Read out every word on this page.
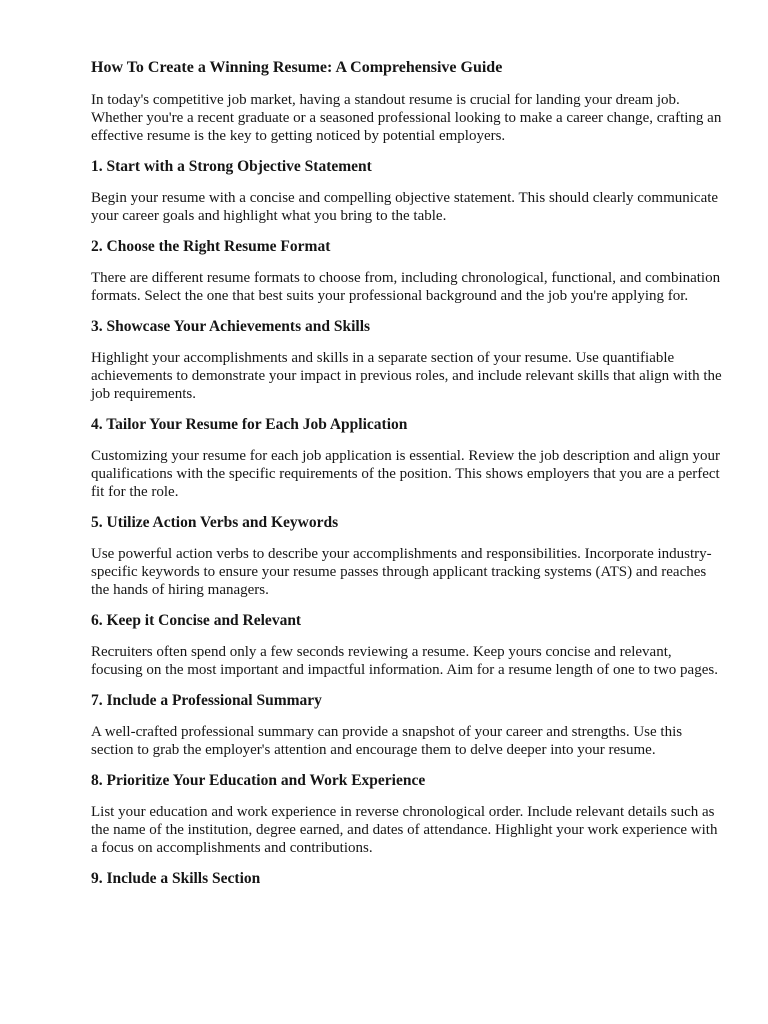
How To Create a Winning Resume: A Comprehensive Guide

In today's competitive job market, having a standout resume is crucial for landing your dream job. Whether you're a recent graduate or a seasoned professional looking to make a career change, crafting an effective resume is the key to getting noticed by potential employers.

1. Start with a Strong Objective Statement

Begin your resume with a concise and compelling objective statement. This should clearly communicate your career goals and highlight what you bring to the table.

2. Choose the Right Resume Format

There are different resume formats to choose from, including chronological, functional, and combination formats. Select the one that best suits your professional background and the job you're applying for.

3. Showcase Your Achievements and Skills

Highlight your accomplishments and skills in a separate section of your resume. Use quantifiable achievements to demonstrate your impact in previous roles, and include relevant skills that align with the job requirements.

4. Tailor Your Resume for Each Job Application

Customizing your resume for each job application is essential. Review the job description and align your qualifications with the specific requirements of the position. This shows employers that you are a perfect fit for the role.

5. Utilize Action Verbs and Keywords

Use powerful action verbs to describe your accomplishments and responsibilities. Incorporate industry-specific keywords to ensure your resume passes through applicant tracking systems (ATS) and reaches the hands of hiring managers.

6. Keep it Concise and Relevant

Recruiters often spend only a few seconds reviewing a resume. Keep yours concise and relevant, focusing on the most important and impactful information. Aim for a resume length of one to two pages.

7. Include a Professional Summary

A well-crafted professional summary can provide a snapshot of your career and strengths. Use this section to grab the employer's attention and encourage them to delve deeper into your resume.

8. Prioritize Your Education and Work Experience

List your education and work experience in reverse chronological order. Include relevant details such as the name of the institution, degree earned, and dates of attendance. Highlight your work experience with a focus on accomplishments and contributions.

9. Include a Skills Section
